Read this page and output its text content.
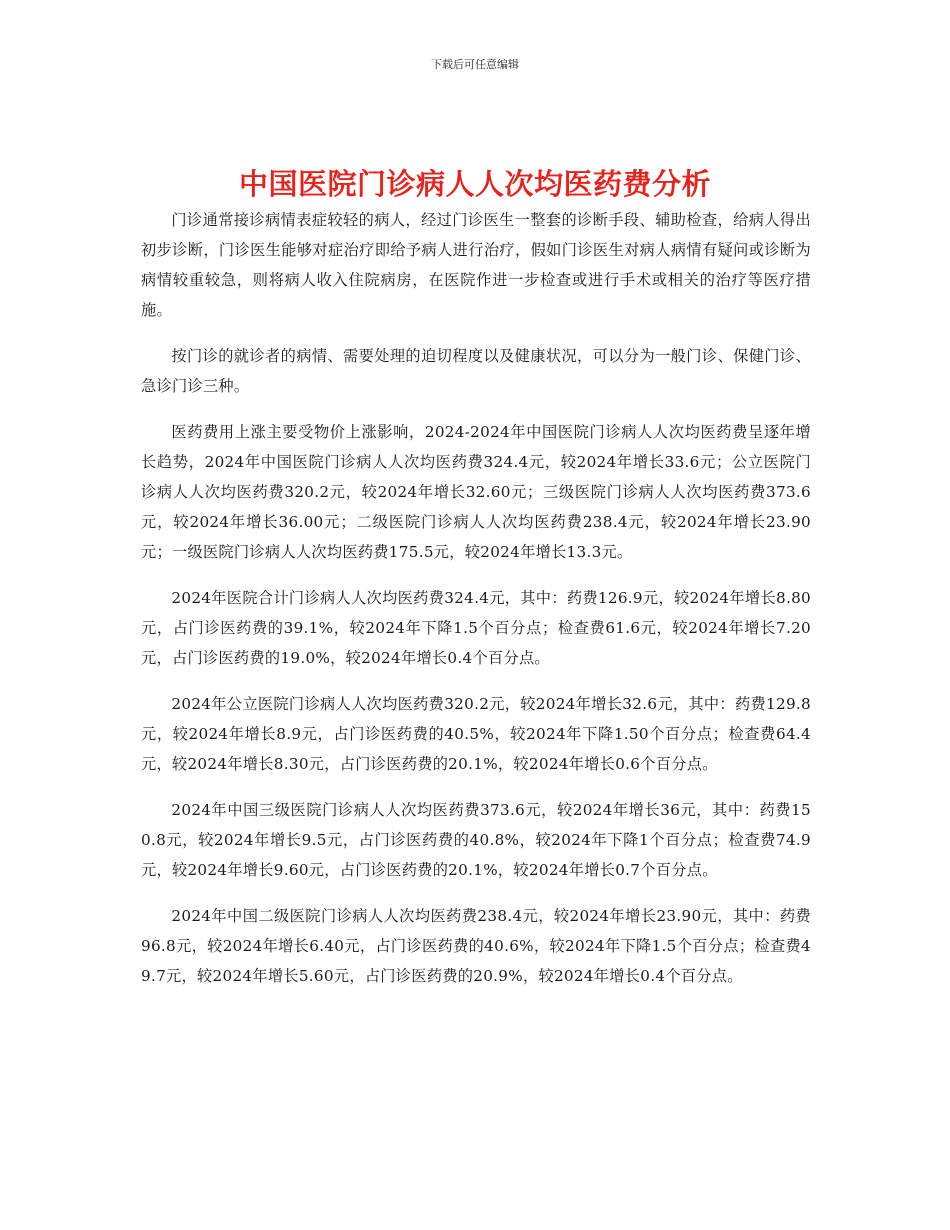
下载后可任意编辑
中国医院门诊病人人次均医药费分析

门诊通常接诊病情表症较轻的病人，经过门诊医生一整套的诊断手段、辅助检查，给病人得出初步诊断，门诊医生能够对症治疗即给予病人进行治疗，假如门诊医生对病人病情有疑问或诊断为病情较重较急，则将病人收入住院病房，在医院作进一步检查或进行手术或相关的治疗等医疗措施。

按门诊的就诊者的病情、需要处理的迫切程度以及健康状况，可以分为一般门诊、保健门诊、急诊门诊三种。

医药费用上涨主要受物价上涨影响，2024-2024年中国医院门诊病人人次均医药费呈逐年增长趋势，2024年中国医院门诊病人人次均医药费324.4元，较2024年增长33.6元；公立医院门诊病人人次均医药费320.2元，较2024年增长32.60元；三级医院门诊病人人次均医药费373.6元，较2024年增长36.00元；二级医院门诊病人人次均医药费238.4元，较2024年增长23.90元；一级医院门诊病人人次均医药费175.5元，较2024年增长13.3元。

2024年医院合计门诊病人人次均医药费324.4元，其中：药费126.9元，较2024年增长8.80元，占门诊医药费的39.1%，较2024年下降1.5个百分点；检查费61.6元，较2024年增长7.20元，占门诊医药费的19.0%，较2024年增长0.4个百分点。

2024年公立医院门诊病人人次均医药费320.2元，较2024年增长32.6元，其中：药费129.8元，较2024年增长8.9元，占门诊医药费的40.5%，较2024年下降1.50个百分点；检查费64.4元，较2024年增长8.30元，占门诊医药费的20.1%，较2024年增长0.6个百分点。

2024年中国三级医院门诊病人人次均医药费373.6元，较2024年增长36元，其中：药费150.8元，较2024年增长9.5元，占门诊医药费的40.8%，较2024年下降1个百分点；检查费74.9元，较2024年增长9.60元，占门诊医药费的20.1%，较2024年增长0.7个百分点。

2024年中国二级医院门诊病人人次均医药费238.4元，较2024年增长23.90元，其中：药费96.8元，较2024年增长6.40元，占门诊医药费的40.6%，较2024年下降1.5个百分点；检查费49.7元，较2024年增长5.60元，占门诊医药费的20.9%，较2024年增长0.4个百分点。
